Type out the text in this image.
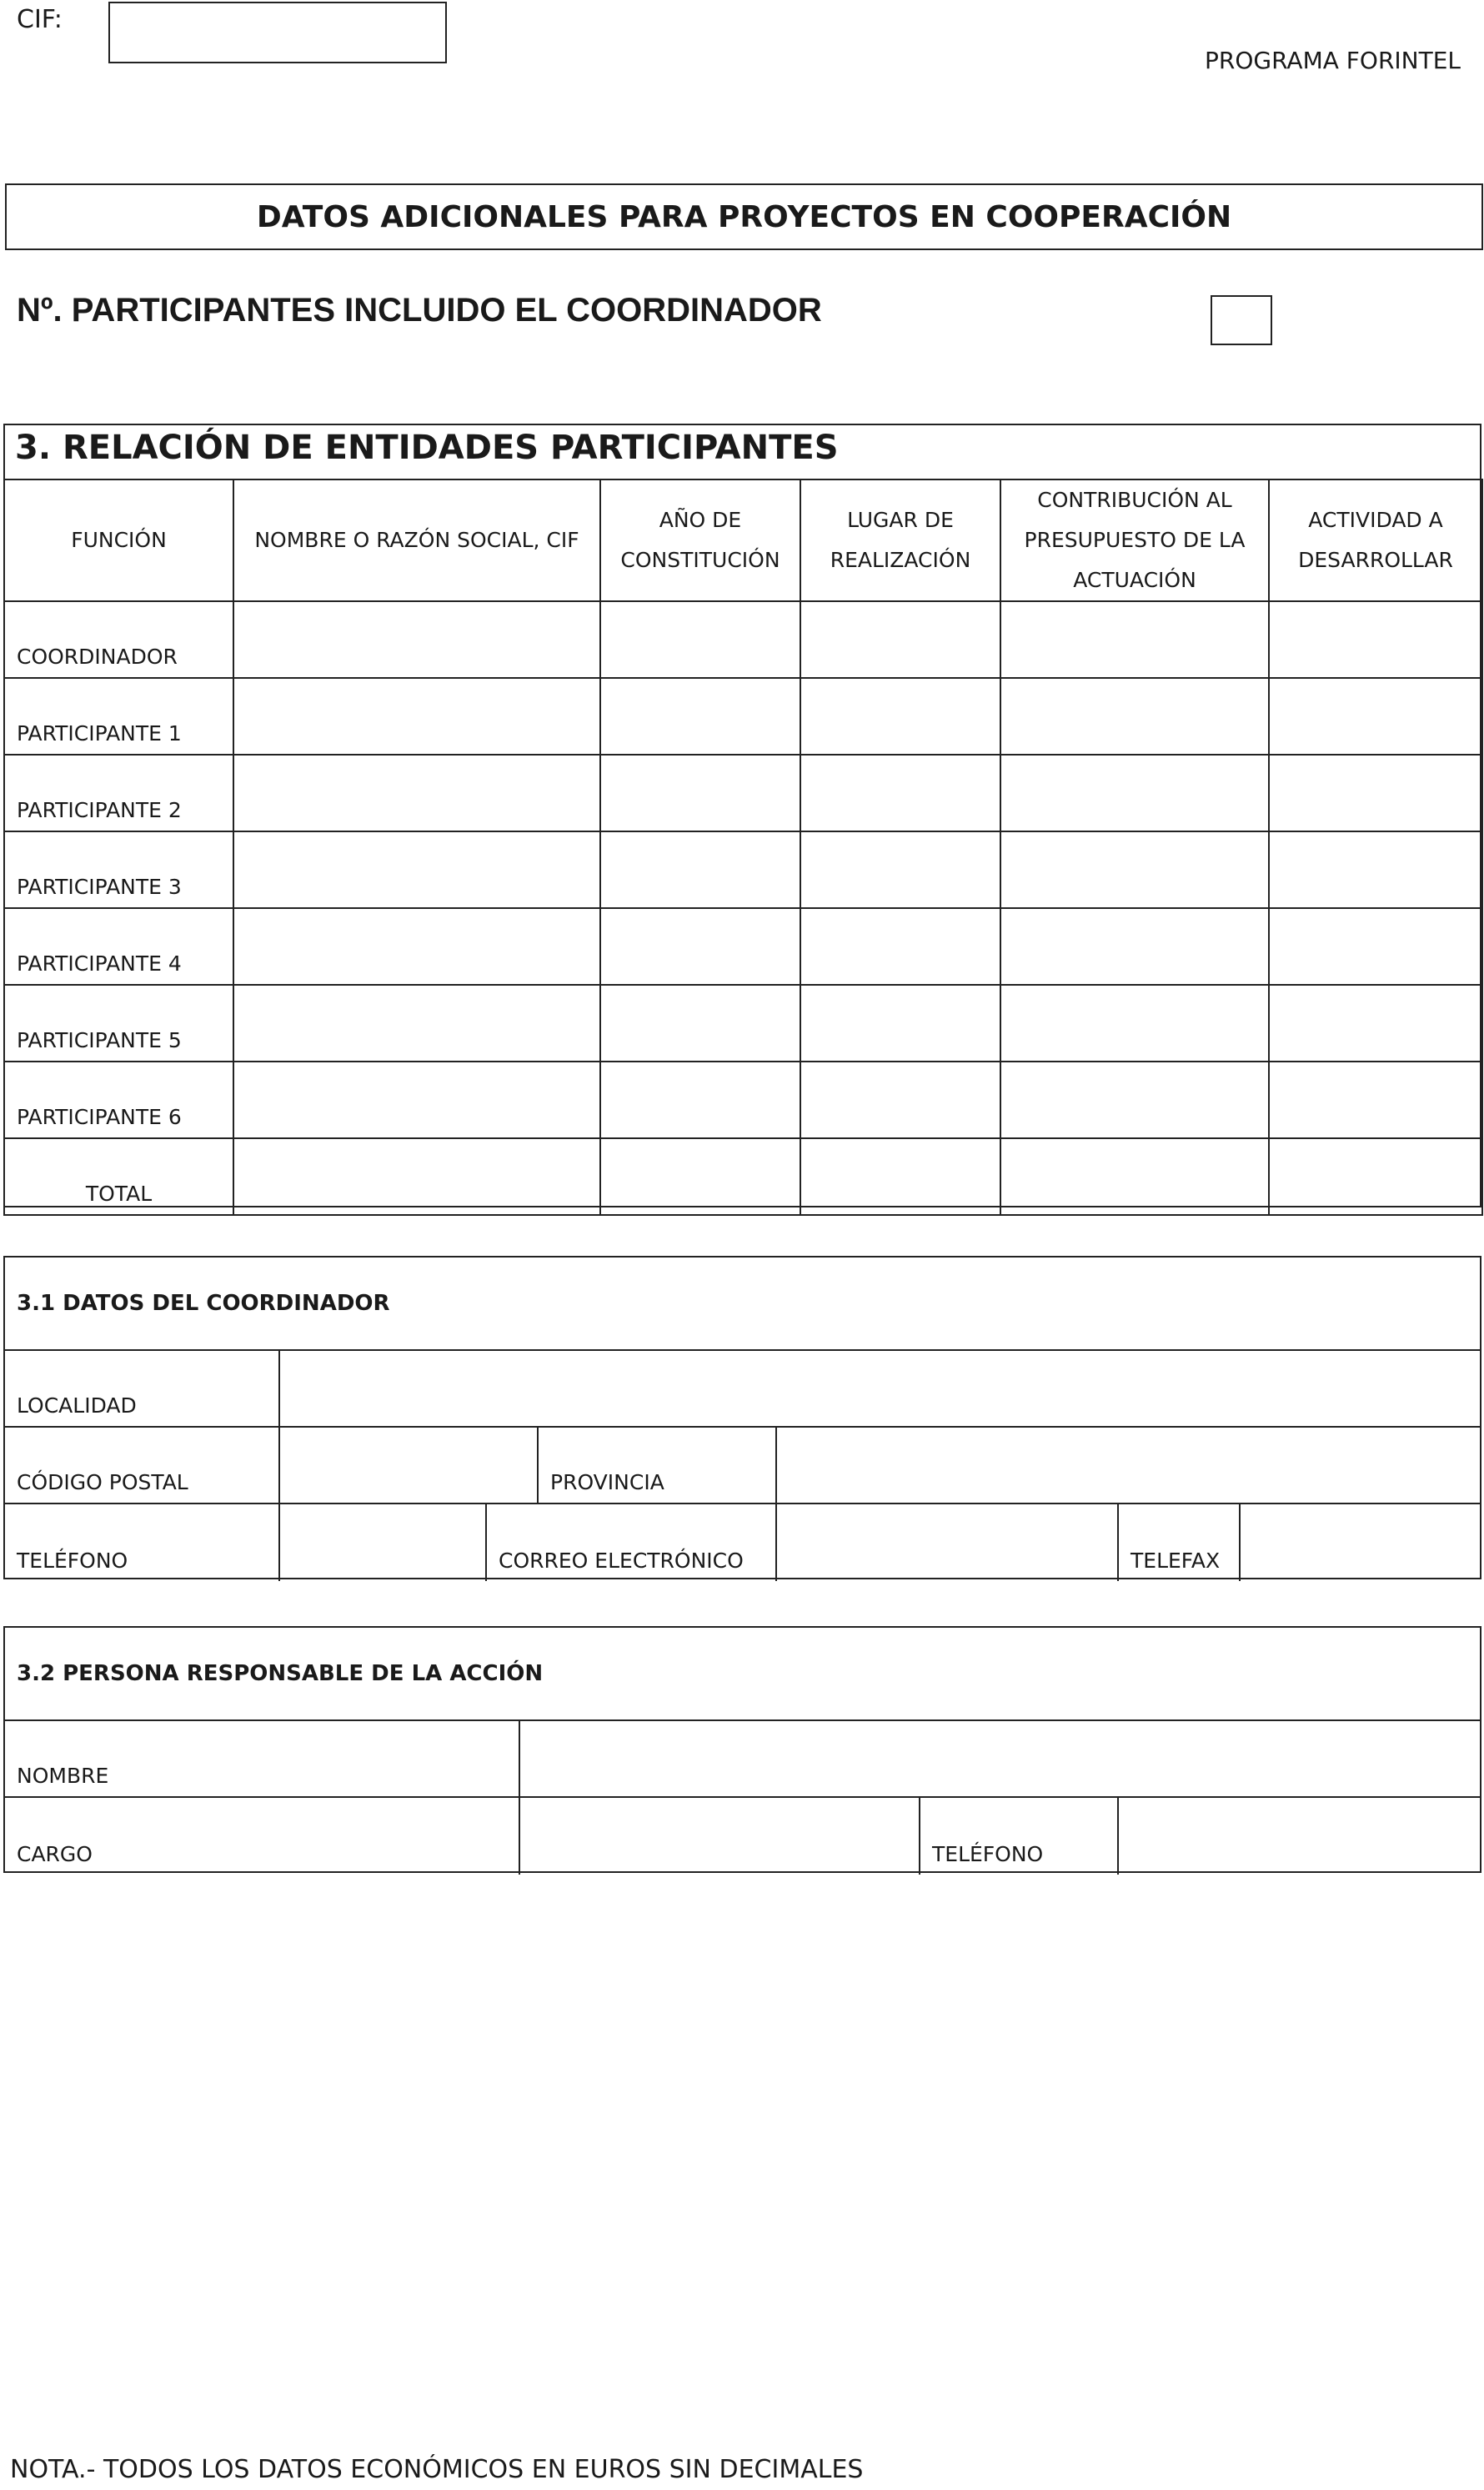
CIF:
PROGRAMA FORINTEL
DATOS ADICIONALES PARA PROYECTOS EN COOPERACIÓN
Nº. PARTICIPANTES INCLUIDO EL COORDINADOR
FUNCIÓN	NOMBRE O RAZÓN SOCIAL, CIF	AÑO DE CONSTITUCIÓN	LUGAR DE REALIZACIÓN	CONTRIBUCIÓN AL PRESUPUESTO DE LA ACTUACIÓN	ACTIVIDAD A DESARROLLAR
COORDINADOR					
PARTICIPANTE 1					
PARTICIPANTE 2					
PARTICIPANTE 3					
PARTICIPANTE 4					
PARTICIPANTE 5					
PARTICIPANTE 6					
TOTAL					
3. RELACIÓN DE ENTIDADES PARTICIPANTES
3.1 DATOS DEL COORDINADOR
LOCALIDAD
CÓDIGO POSTAL	PROVINCIA
TELÉFONO	CORREO ELECTRÓNICO	TELEFAX
3.2 PERSONA RESPONSABLE DE LA ACCIÓN
NOMBRE
CARGO	TELÉFONO
NOTA.- TODOS LOS DATOS ECONÓMICOS EN EUROS SIN DECIMALES
